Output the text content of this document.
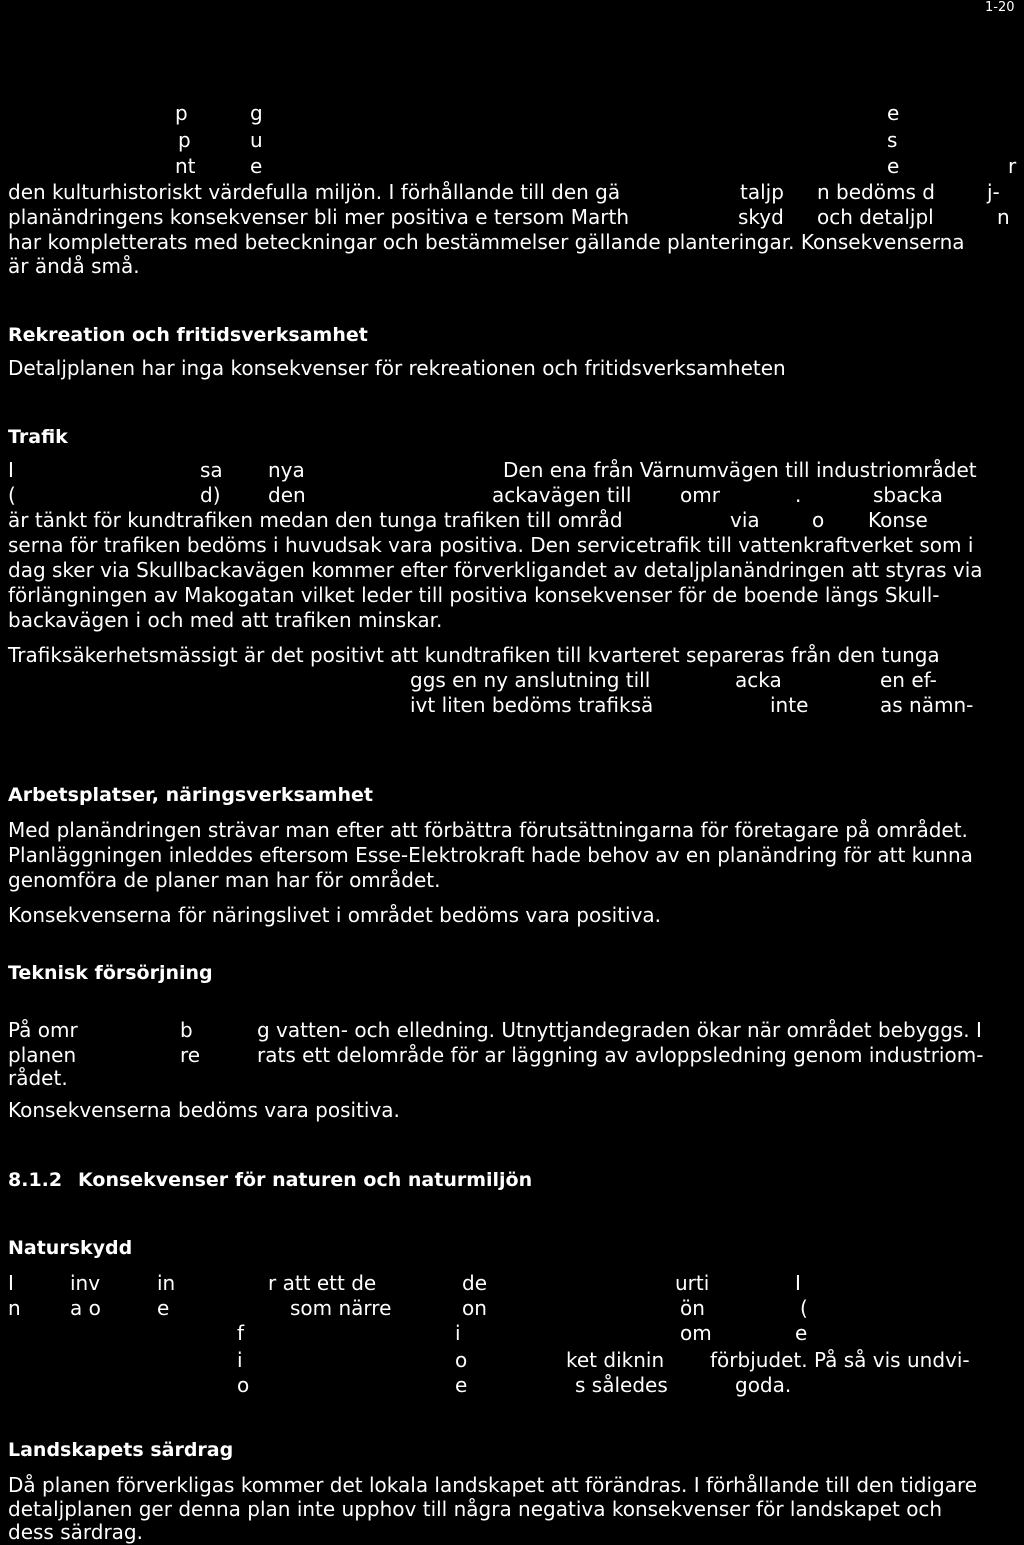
1-20
p	g	e
p	u	s
nt	e	e	r
den kulturhistoriskt värdefulla miljön. I förhållande till den gä	taljp n bedöms d	j-
planändringens konsekvenser bli mer positiva e tersom Marth	skyd och detaljpl	n
har kompletterats med beteckningar och bestämmelser gällande planteringar. Konsekvenserna
är ändå små.
Rekreation och fritidsverksamhet
Detaljplanen har inga konsekvenser för rekreationen och fritidsverksamheten
Trafik
I	sa nya	Den ena från Värnumvägen till industriområdet
(	d) den	ackavägen till omr	.	sbacka
är tänkt för kundtrafiken medan den tunga trafiken till områd	via	o Konse
serna för trafiken bedöms i huvudsak vara positiva. Den servicetrafik till vattenkraftverket som i
dag sker via Skullbackavägen kommer efter förverkligandet av detaljplanändringen att styras via
förlängningen av Makogatan vilket leder till positiva konsekvenser för de boende längs Skull-
backavägen i och med att trafiken minskar.
Trafiksäkerhetsmässigt är det positivt att kundtrafiken till kvarteret separeras från den tunga
ggs en ny anslutning till	acka	en ef-
ivt liten bedöms trafiksä	inte	as nämn-
Arbetsplatser, näringsverksamhet
Med planändringen strävar man efter att förbättra förutsättningarna för företagare på området.
Planläggningen inleddes eftersom Esse-Elektrokraft hade behov av en planändring för att kunna
genomföra de planer man har för området.
Konsekvenserna för näringslivet i området bedöms vara positiva.
Teknisk försörjning
På omr	b	g vatten- och elledning. Utnyttjandegraden ökar när området bebyggs. I
planen	re	rats ett delområde för ar läggning av avloppsledning genom industriom-
rådet.
Konsekvenserna bedöms vara positiva.
8.1.2 Konsekvenser för naturen och naturmiljön
Naturskydd
I	inv	in	r att ett de	de	urti	I
n a o	e	som närre	on	ön	(
f	i	om	e
i	o	ket diknin förbjudet. På så vis undvi-
o	e	s således	goda.
Landskapets särdrag
Då planen förverkligas kommer det lokala landskapet att förändras. I förhållande till den tidigare
detaljplanen ger denna plan inte upphov till några negativa konsekvenser för landskapet och
dess särdrag.
